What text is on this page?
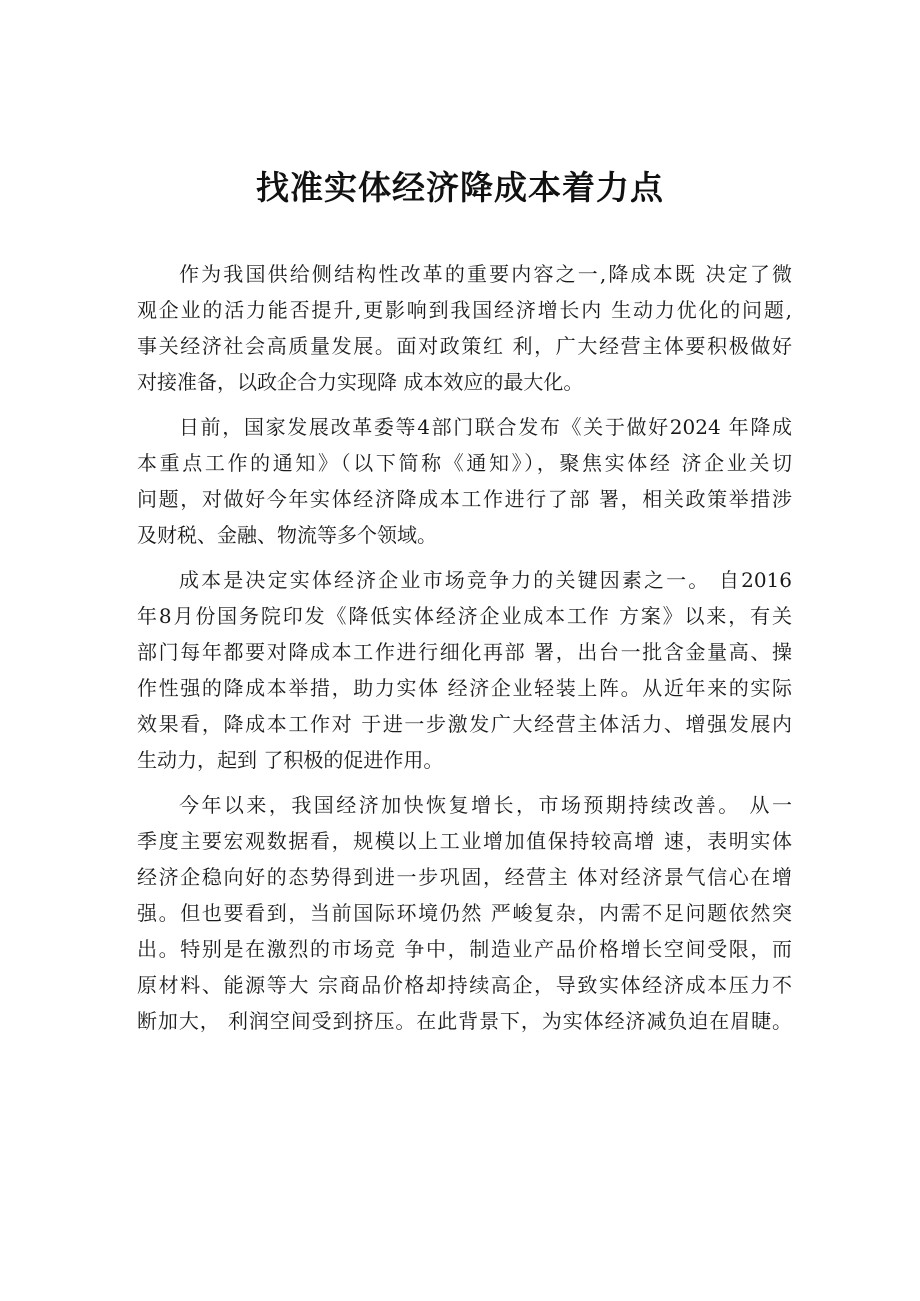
找准实体经济降成本着力点
作为我国供给侧结构性改革的重要内容之一,降成本既 决定了微
观企业的活力能否提升,更影响到我国经济增长内 生动力优化的问题,
事关经济社会高质量发展。面对政策红 利，广大经营主体要积极做好
对接准备，以政企合力实现降 成本效应的最大化。
日前，国家发展改革委等4部门联合发布《关于做好2024 年降成
本重点工作的通知》（以下简称《通知》），聚焦实体经 济企业关切
问题，对做好今年实体经济降成本工作进行了部 署，相关政策举措涉
及财税、金融、物流等多个领域。
成本是决定实体经济企业市场竞争力的关键因素之一。 自2016
年8月份国务院印发《降低实体经济企业成本工作 方案》以来，有关
部门每年都要对降成本工作进行细化再部 署，出台一批含金量高、操
作性强的降成本举措，助力实体 经济企业轻装上阵。从近年来的实际
效果看，降成本工作对 于进一步激发广大经营主体活力、增强发展内
生动力，起到 了积极的促进作用。
今年以来，我国经济加快恢复增长，市场预期持续改善。 从一
季度主要宏观数据看，规模以上工业增加值保持较高增 速，表明实体
经济企稳向好的态势得到进一步巩固，经营主 体对经济景气信心在增
强。但也要看到，当前国际环境仍然 严峻复杂，内需不足问题依然突
出。特别是在激烈的市场竞 争中，制造业产品价格增长空间受限，而
原材料、能源等大 宗商品价格却持续高企，导致实体经济成本压力不
断加大， 利润空间受到挤压。在此背景下，为实体经济减负迫在眉睫。
